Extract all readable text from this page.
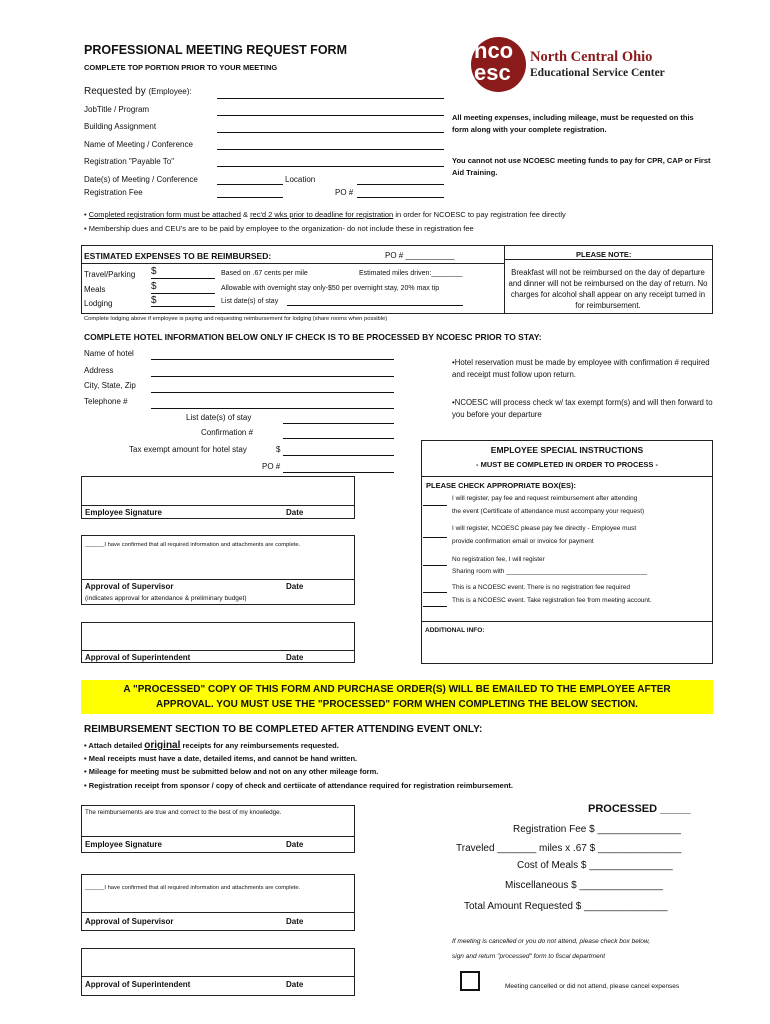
PROFESSIONAL MEETING REQUEST FORM
COMPLETE TOP PORTION PRIOR TO YOUR MEETING
nco esc
North Central Ohio
Educational Service Center
Requested by (Employee):
JobTitle / Program
Building Assignment
Name of Meeting / Conference
Registration "Payable To"
Date(s) of Meeting / Conference	Location
Registration Fee	PO #
All meeting expenses, including mileage, must be requested on this form along with your complete registration.
You cannot not use NCOESC meeting funds to pay for CPR, CAP or First Aid Training.
• Completed registration form must be attached & rec'd 2 wks prior to deadline for registration in order for NCOESC to pay registration fee directly
• Membership dues and CEU's are to be paid by employee to the organization- do not include these in registration fee
ESTIMATED EXPENSES TO BE REIMBURSED:	PO # ___________	PLEASE NOTE:
Breakfast will not be reimbursed on the day of departure and dinner will not be reimbursed on the day of return. No charges for alcohol shall appear on any receipt turned in for reimbursement.
Travel/Parking $	Based on .67 cents per mile	Estimated miles driven:________
Meals	$	Allowable with overnight stay only-$50 per overnight stay, 20% max tip
Lodging	$	List date(s) of stay
Complete lodging above if employee is paying and requesting reimbursement for lodging (share rooms when possible)
COMPLETE HOTEL INFORMATION BELOW ONLY IF CHECK IS TO BE PROCESSED BY NCOESC PRIOR TO STAY:
Name of hotel
Address
City, State, Zip
Telephone #
List date(s) of stay
Confirmation #
Tax exempt amount for hotel stay	$
PO #
•Hotel reservation must be made by employee with confirmation # required and receipt must follow upon return.
•NCOESC will process check w/ tax exempt form(s) and will then forward to you before your departure
Employee Signature	Date
______I have confirmed that all required information and attachments are complete.
Approval of Supervisor	Date
(indicates approval for attendance & preliminary budget)
Approval of Superintendent	Date
EMPLOYEE SPECIAL INSTRUCTIONS
- MUST BE COMPLETED IN ORDER TO PROCESS -
PLEASE CHECK APPROPRIATE BOX(ES):
I will register, pay fee and request reimbursement after attending
the event (Certificate of attendance must accompany your request)
I will register, NCOESC please pay fee directly - Employee must
provide confirmation email or invoice for payment
No registration fee, I will register
Sharing room with _______________________________________
This is a NCOESC event. There is no registration fee required
This is a NCOESC event. Take registration fee from meeting account.
ADDITIONAL INFO:
A "PROCESSED" COPY OF THIS FORM AND PURCHASE ORDER(S) WILL BE EMAILED TO THE EMPLOYEE AFTER
APPROVAL. YOU MUST USE THE "PROCESSED" FORM WHEN COMPLETING THE BELOW SECTION.
REIMBURSEMENT SECTION TO BE COMPLETED AFTER ATTENDING EVENT ONLY:
• Attach detailed original receipts for any reimbursements requested.
• Meal receipts must have a date, detailed items, and cannot be hand written.
• Mileage for meeting must be submitted below and not on any other mileage form.
• Registration receipt from sponsor / copy of check and certiicate of attendance required for registration reimbursement.
The reimbursements are true and correct to the best of my knowledge.
Employee Signature	Date
______I have confirmed that all required information and attachments are complete.
Approval of Supervisor	Date
Approval of Superintendent	Date
PROCESSED _____
Registration Fee $ _______________
Traveled _______ miles x .67 $ _______________
Cost of Meals $ _______________
Miscellaneous $ _______________
Total Amount Requested $ _______________
If meeting is cancelled or you do not attend, please check box below,
sign and return "processed" form to fiscal department
Meeting cancelled or did not attend, please cancel expenses
